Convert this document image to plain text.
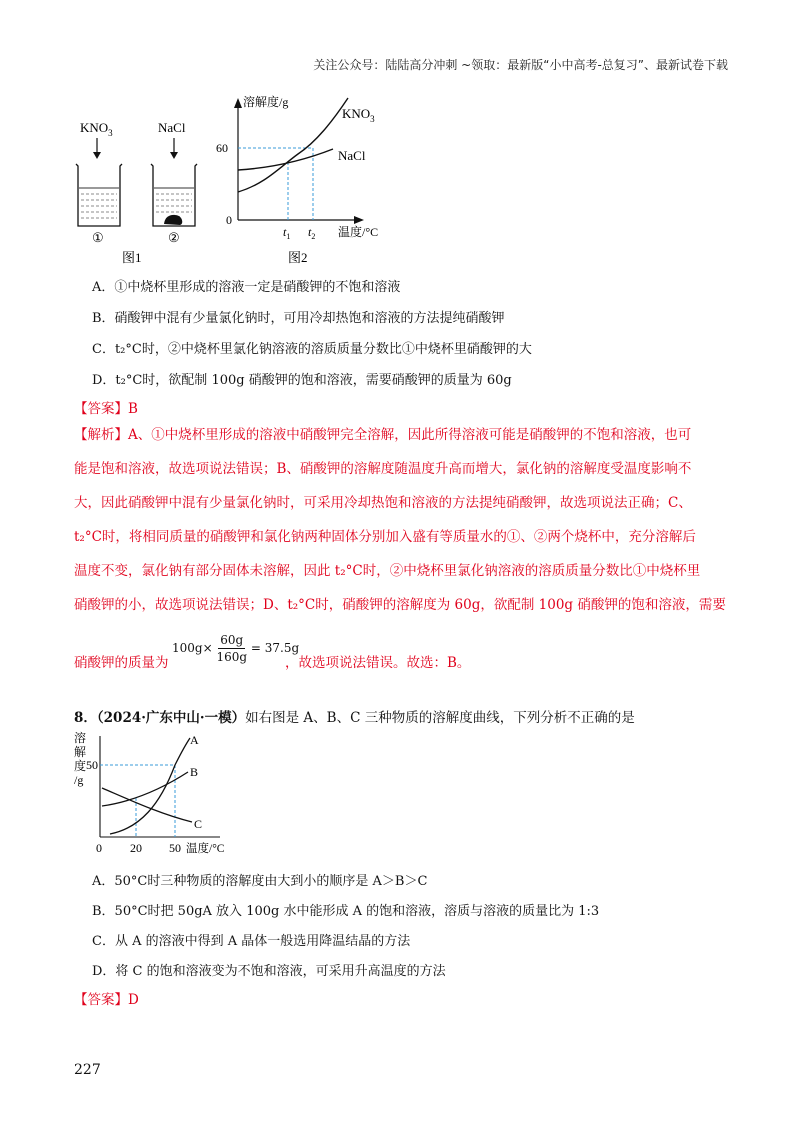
关注公众号：陆陆高分冲刺 ~领取：最新版“小中高考-总复习”、最新试卷下载
$KNO_3$
①
NaCl
②
图1
溶解度/g
60
0
$KNO_3$
NaCl
$t_1$ $t_2$ 温度/°C
图2
A．①中烧杯里形成的溶液一定是硝酸钾的不饱和溶液
B．硝酸钾中混有少量氯化钠时，可用冷却热饱和溶液的方法提纯硝酸钾
C．t₂°C时，②中烧杯里氯化钠溶液的溶质质量分数比①中烧杯里硝酸钾的大
D．t₂°C时，欲配制 100g 硝酸钾的饱和溶液，需要硝酸钾的质量为 60g
【答案】B
【解析】A、①中烧杯里形成的溶液中硝酸钾完全溶解，因此所得溶液可能是硝酸钾的不饱和溶液，也可
能是饱和溶液，故选项说法错误；B、硝酸钾的溶解度随温度升高而增大，氯化钠的溶解度受温度影响不
大，因此硝酸钾中混有少量氯化钠时，可采用冷却热饱和溶液的方法提纯硝酸钾，故选项说法正确；C、
t₂°C时，将相同质量的硝酸钾和氯化钠两种固体分别加入盛有等质量水的①、②两个烧杯中，充分溶解后
温度不变，氯化钠有部分固体未溶解，因此 t₂°C时，②中烧杯里氯化钠溶液的溶质质量分数比①中烧杯里
硝酸钾的小，故选项说法错误；D、t₂°C时，硝酸钾的溶解度为 60g，欲配制 100g 硝酸钾的饱和溶液，需要
硝酸钾的质量为
$100g\times \frac{60g}{160g} = 37.5g$
，故选项说法错误。故选：B。
8．（2024·广东中山·一模）如右图是 A、B、C 三种物质的溶解度曲线，下列分析不正确的是
溶
解
度
/g
50
A
B
C
0 20 50 温度/°C
A．50°C时三种物质的溶解度由大到小的顺序是 A＞B＞C
B．50°C时把 50gA 放入 100g 水中能形成 A 的饱和溶液，溶质与溶液的质量比为 1:3
C．从 A 的溶液中得到 A 晶体一般选用降温结晶的方法
D．将 C 的饱和溶液变为不饱和溶液，可采用升高温度的方法
【答案】D
227
